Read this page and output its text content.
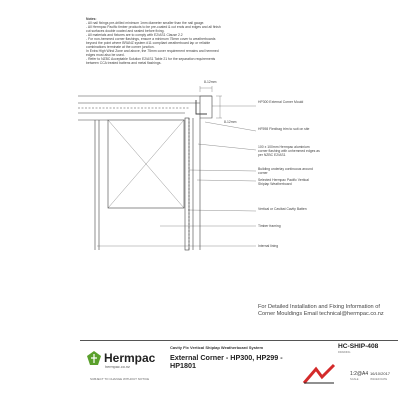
Notes:

- All nail fixings pre-drilled minimum 1mm diameter smaller than the nail gauge.

- All Hermpac Pacific timber products to be pre-coated & cut ends and edges and all finish cut surfaces double coated and sealed before fixing.

- All materials and fixtures are to comply with E2/AS1 Clause 2.2

- For non-hemmed corner flashings, ensure a minimum 75mm cover to weatherboards beyond the point where BRANZ system #11 compliant weatherboard lap or reliable combinations terminate at the corner junction.

In Extra High Wind Zone and above, the 75mm cover requirement remains and hemmed edges must also be used.

- Refer to NZBC Acceptable Solution E2/AS1 Table 21 for the separation requirements between CCA treated battens and metal flashings.

8-12mm
8-12mm
HP300 External Corner Mould
HF598 Flexibag trim to suit on site
100 x 100mm Hermpac aluminium corner flashing with unhemmed edges as per NZBC E2/AS1
Building underlay continuous around corner
Selected Hermpac Pacific Vertical Shiplap Weatherboard
Vertical or Cavibat Cavity Batten
Timber framing
Internal lining
For Detailed Installation and Fixing Information of Corner Mouldings Email technical@hermpac.co.nz
Hermpac
hermpac.co.nz
SUBJECT TO CHANGE WITHOUT NOTICE
Cavity Fix Vertical Shiplap Weatherboard System
External Corner - HP300, HP299 - HP1801
HC-SHIP-408
DRAWING
1:2@A4
SCALE
16/10/2017
ISSUED DATE
